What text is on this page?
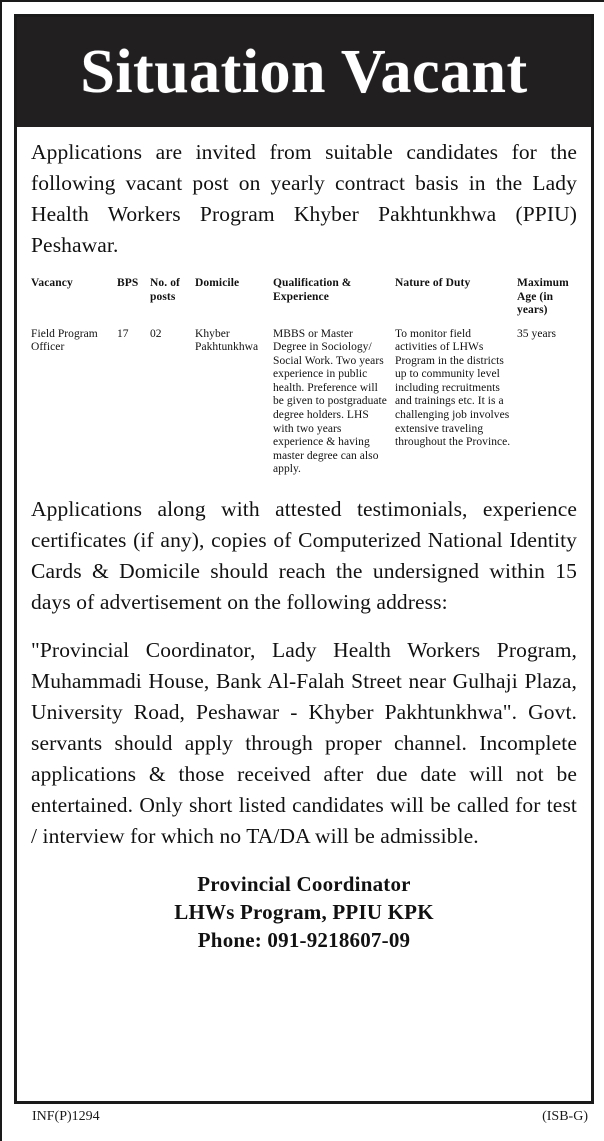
Situation Vacant

Applications are invited from suitable candidates for the following vacant post on yearly contract basis in the Lady Health Workers Program Khyber Pakhtunkhwa (PPIU) Peshawar.

Vacancy	BPS	No. of posts	Domicile	Qualification & Experience	Nature of Duty	Maximum Age (in years)
Field Program Officer	17	02	Khyber Pakhtunkhwa	MBBS or Master Degree in Sociology/ Social Work. Two years experience in public health. Preference will be given to postgraduate degree holders. LHS with two years experience & having master degree can also apply.	To monitor field activities of LHWs Program in the districts up to community level including recruitments and trainings etc. It is a challenging job involves extensive traveling throughout the Province.	35 years

Applications along with attested testimonials, experience certificates (if any), copies of Computerized National Identity Cards & Domicile should reach the undersigned within 15 days of advertisement on the following address:

"Provincial Coordinator, Lady Health Workers Program, Muhammadi House, Bank Al-Falah Street near Gulhaji Plaza, University Road, Peshawar - Khyber Pakhtunkhwa". Govt. servants should apply through proper channel. Incomplete applications & those received after due date will not be entertained. Only short listed candidates will be called for test / interview for which no TA/DA will be admissible.

Provincial Coordinator
LHWs Program, PPIU KPK
Phone: 091-9218607-09
INF(P)1294	(ISB-G)
